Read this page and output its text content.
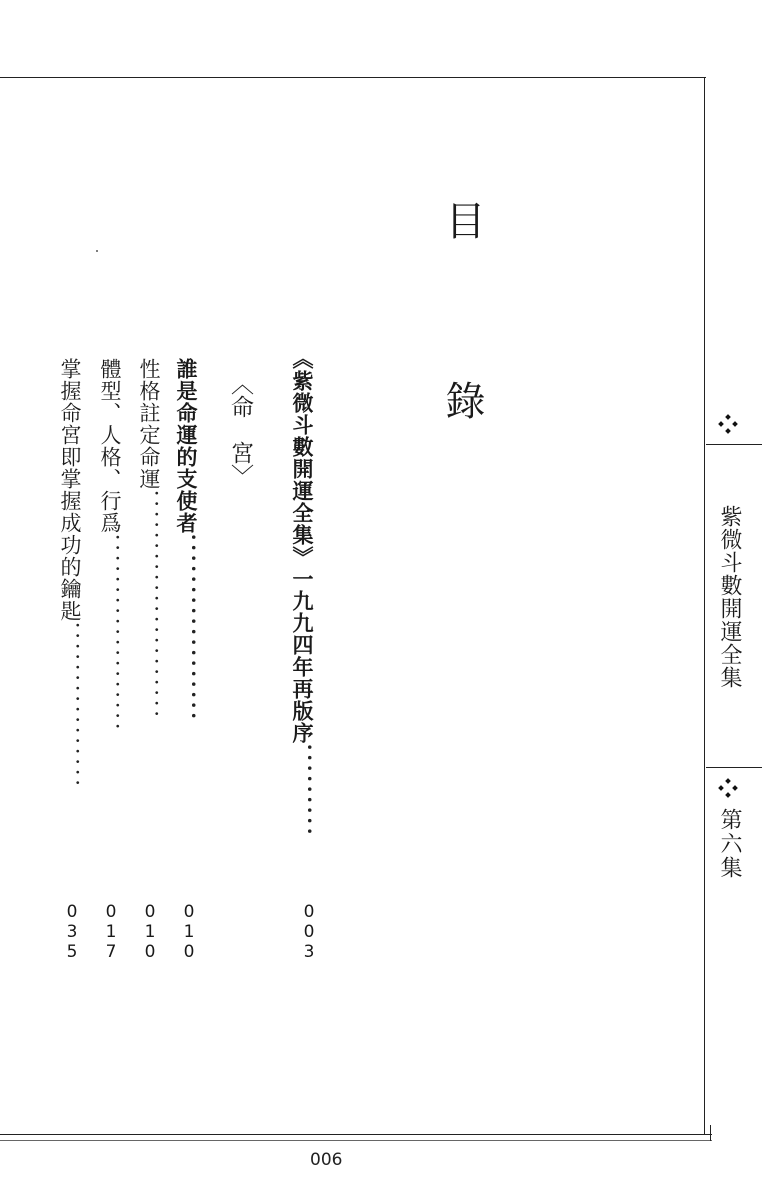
目　錄
《紫微斗數開運全集》一九九四年再版序．．．．．．．．．
0
0
3
〈命　宮〉
誰是命運的支使者．．．．．．．．．．．．．．．．．．
0
1
0
性格註定命運．．．．．．．．．．．．．．．．．．．．．．
0
1
0
體型、人格、行爲．．．．．．．．．．．．．．．．．．．
0
1
7
掌握命宮即掌握成功的鑰匙．．．．．．．．．．．．．．．．
0
3
5
紫微斗數開運全集
第六集
006
